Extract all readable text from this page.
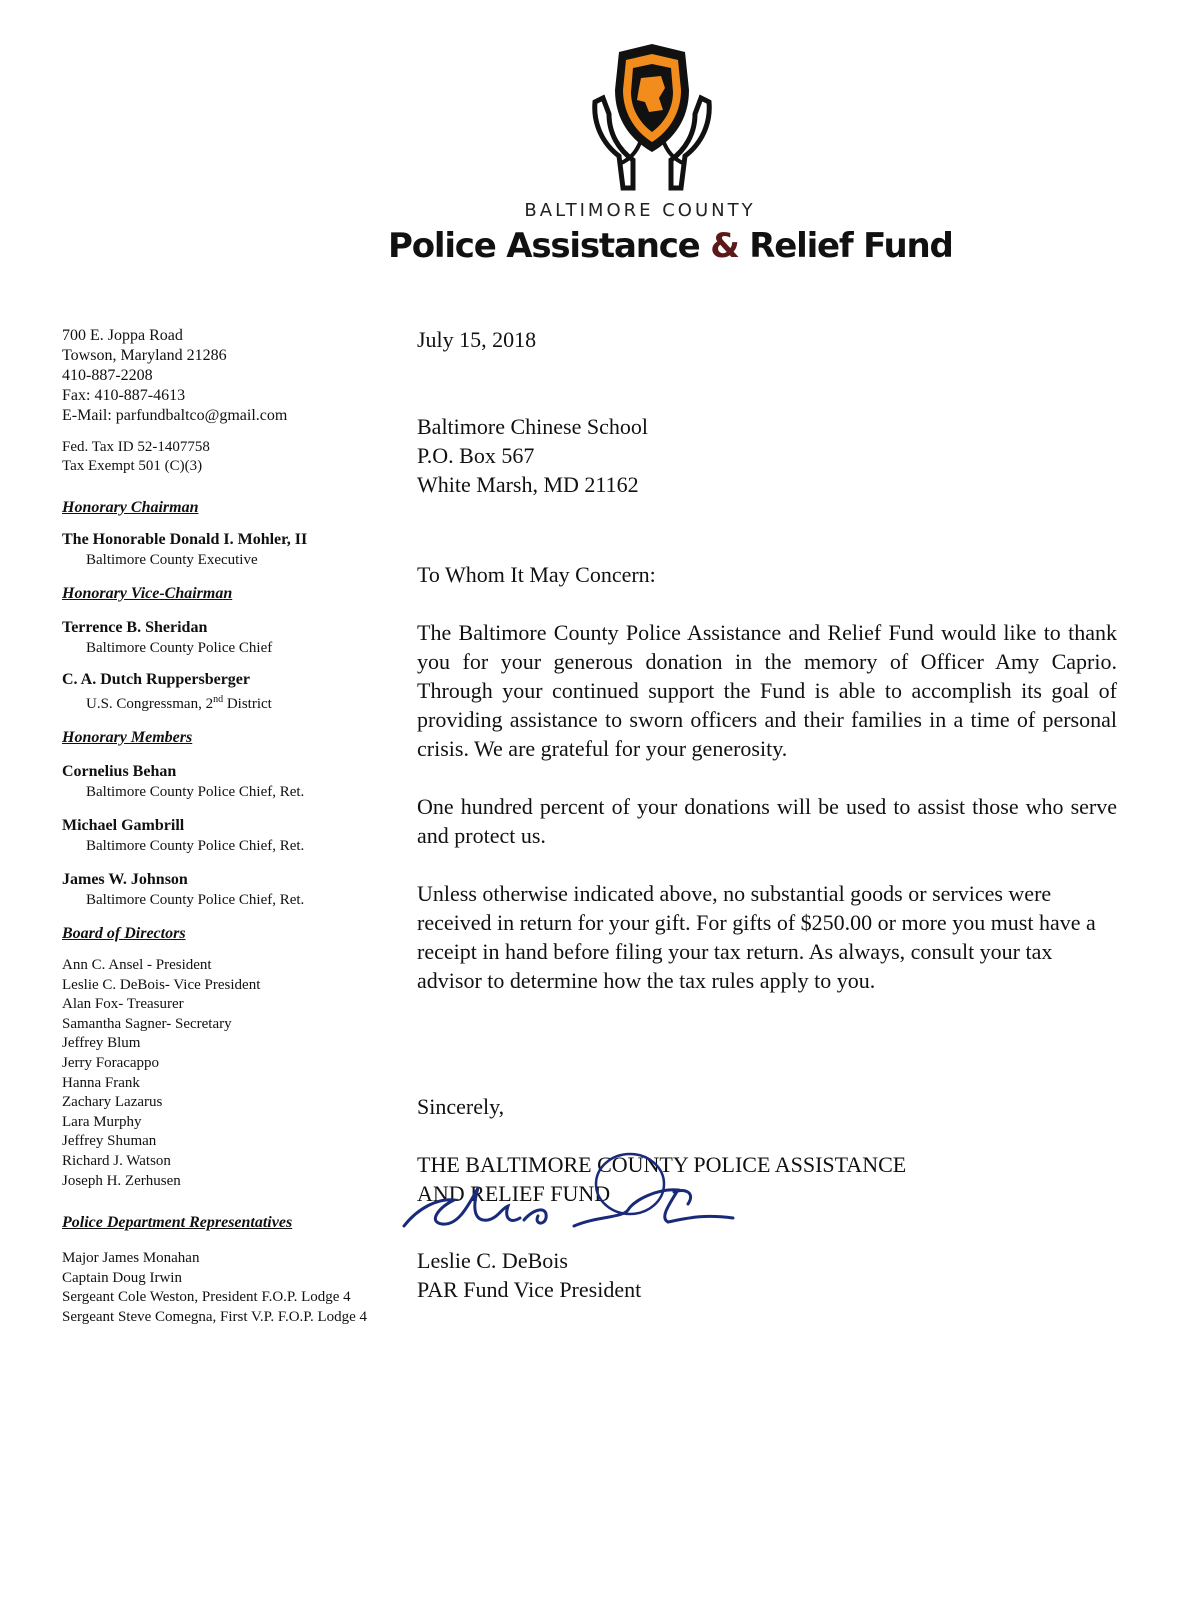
BALTIMORE COUNTY
Police Assistance & Relief Fund
700 E. Joppa Road
Towson, Maryland 21286
410-887-2208
Fax: 410-887-4613
E-Mail: parfundbaltco@gmail.com
Fed. Tax ID 52-1407758
Tax Exempt 501 (C)(3)
Honorary Chairman
The Honorable Donald I. Mohler, II
Baltimore County Executive
Honorary Vice-Chairman
Terrence B. Sheridan
Baltimore County Police Chief
C. A. Dutch Ruppersberger
U.S. Congressman, 2nd District
Honorary Members
Cornelius Behan
Baltimore County Police Chief, Ret.
Michael Gambrill
Baltimore County Police Chief, Ret.
James W. Johnson
Baltimore County Police Chief, Ret.
Board of Directors
Ann C. Ansel - President
Leslie C. DeBois- Vice President
Alan Fox- Treasurer
Samantha Sagner- Secretary
Jeffrey Blum
Jerry Foracappo
Hanna Frank
Zachary Lazarus
Lara Murphy
Jeffrey Shuman
Richard J. Watson
Joseph H. Zerhusen
Police Department Representatives
Major James Monahan
Captain Doug Irwin
Sergeant Cole Weston, President F.O.P. Lodge 4
Sergeant Steve Comegna, First V.P. F.O.P. Lodge 4
July 15, 2018
Baltimore Chinese School
P.O. Box 567
White Marsh, MD 21162
To Whom It May Concern:

The Baltimore County Police Assistance and Relief Fund would like to thank you for your generous donation in the memory of Officer Amy Caprio. Through your continued support the Fund is able to accomplish its goal of providing assistance to sworn officers and their families in a time of personal crisis. We are grateful for your generosity.

One hundred percent of your donations will be used to assist those who serve and protect us.

Unless otherwise indicated above, no substantial goods or services were received in return for your gift. For gifts of $250.00 or more you must have a receipt in hand before filing your tax return. As always, consult your tax advisor to determine how the tax rules apply to you.

Sincerely,
THE BALTIMORE COUNTY POLICE ASSISTANCE
AND RELIEF FUND
Leslie C. DeBois
PAR Fund Vice President
